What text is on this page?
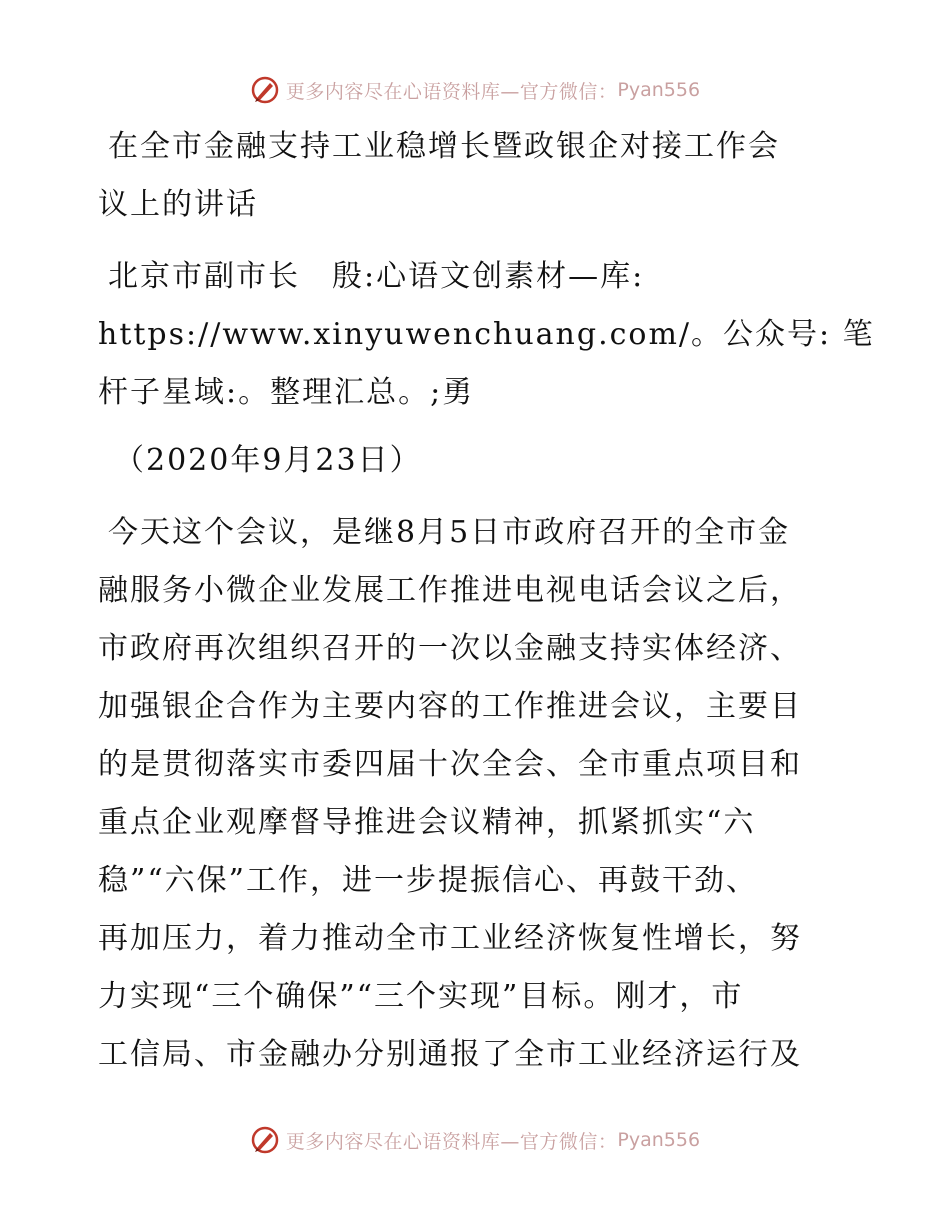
更多内容尽在心语资料库—官方微信： Pyan556
在全市金融支持工业稳增长暨政银企对接工作会
议上的讲话
北京市副市长　殷:心语文创素材—库:
https://www.xinyuwenchuang.com/。公众号: 笔
杆子星域:。整理汇总。;勇
（2020年9月23日）
今天这个会议，是继8月5日市政府召开的全市金
融服务小微企业发展工作推进电视电话会议之后，
市政府再次组织召开的一次以金融支持实体经济、
加强银企合作为主要内容的工作推进会议，主要目
的是贯彻落实市委四届十次全会、全市重点项目和
重点企业观摩督导推进会议精神，抓紧抓实“六
稳”“六保”工作，进一步提振信心、再鼓干劲、
再加压力，着力推动全市工业经济恢复性增长，努
力实现“三个确保”“三个实现”目标。刚才，市
工信局、市金融办分别通报了全市工业经济运行及
更多内容尽在心语资料库—官方微信： Pyan556
